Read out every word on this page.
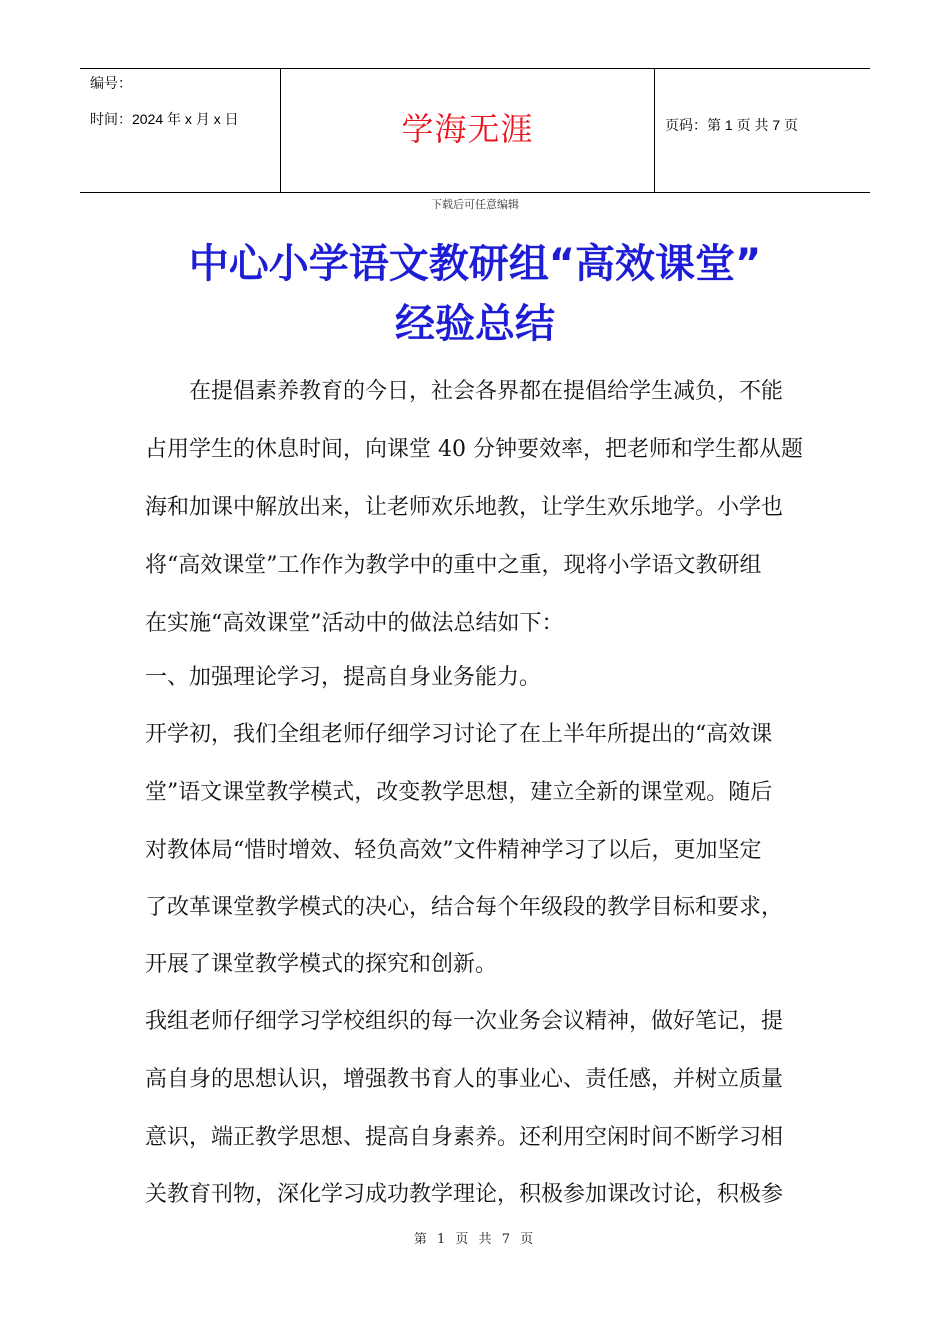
编号：
时间：2024 年 x 月 x 日	学海无涯	页码：第 1 页 共 7 页
下载后可任意编辑
中心小学语文教研组“高效课堂”
经验总结
在提倡素养教育的今日，社会各界都在提倡给学生减负，不能
占用学生的休息时间，向课堂 40 分钟要效率，把老师和学生都从题
海和加课中解放出来，让老师欢乐地教，让学生欢乐地学。小学也
将“高效课堂”工作作为教学中的重中之重，现将小学语文教研组
在实施“高效课堂”活动中的做法总结如下：
一、加强理论学习，提高自身业务能力。
开学初，我们全组老师仔细学习讨论了在上半年所提出的“高效课
堂”语文课堂教学模式，改变教学思想，建立全新的课堂观。随后
对教体局“惜时增效、轻负高效”文件精神学习了以后，更加坚定
了改革课堂教学模式的决心，结合每个年级段的教学目标和要求，
开展了课堂教学模式的探究和创新。
我组老师仔细学习学校组织的每一次业务会议精神，做好笔记，提
高自身的思想认识，增强教书育人的事业心、责任感，并树立质量
意识，端正教学思想、提高自身素养。还利用空闲时间不断学习相
关教育刊物，深化学习成功教学理论，积极参加课改讨论，积极参
第 1 页 共 7 页
